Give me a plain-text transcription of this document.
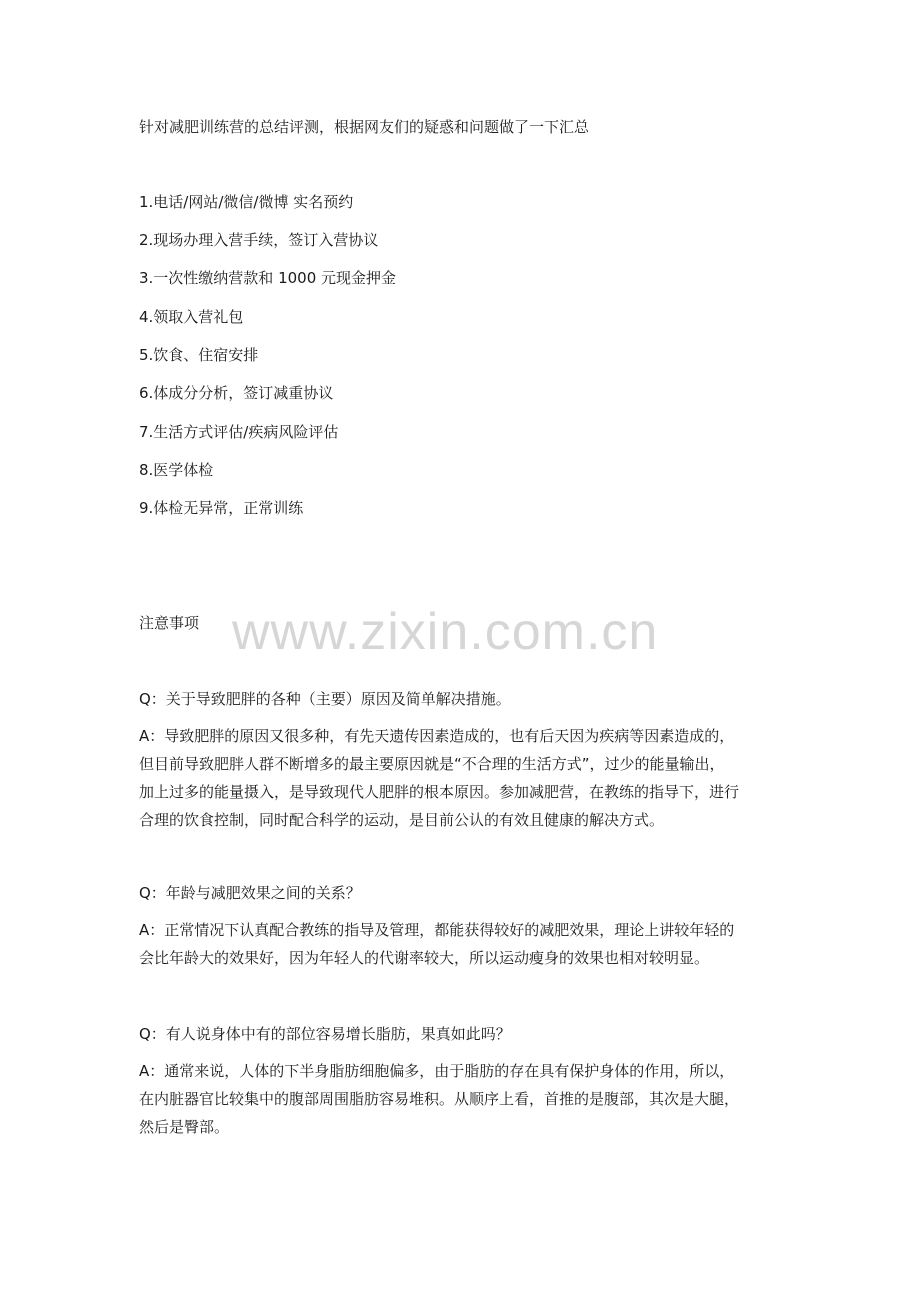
针对减肥训练营的总结评测，根据网友们的疑惑和问题做了一下汇总
1.电话/网站/微信/微博 实名预约
2.现场办理入营手续，签订入营协议
3.一次性缴纳营款和 1000 元现金押金
4.领取入营礼包
5.饮食、住宿安排
6.体成分分析，签订减重协议
7.生活方式评估/疾病风险评估
8.医学体检
9.体检无异常，正常训练
www.zixin.com.cn
注意事项
Q：关于导致肥胖的各种（主要）原因及简单解决措施。
A：导致肥胖的原因又很多种，有先天遗传因素造成的，也有后天因为疾病等因素造成的，
但目前导致肥胖人群不断增多的最主要原因就是“不合理的生活方式”，过少的能量输出，
加上过多的能量摄入，是导致现代人肥胖的根本原因。参加减肥营，在教练的指导下，进行
合理的饮食控制，同时配合科学的运动，是目前公认的有效且健康的解决方式。
Q：年龄与减肥效果之间的关系？
A：正常情况下认真配合教练的指导及管理，都能获得较好的减肥效果，理论上讲较年轻的
会比年龄大的效果好，因为年轻人的代谢率较大，所以运动瘦身的效果也相对较明显。
Q：有人说身体中有的部位容易增长脂肪，果真如此吗？
A：通常来说，人体的下半身脂肪细胞偏多，由于脂肪的存在具有保护身体的作用，所以，
在内脏器官比较集中的腹部周围脂肪容易堆积。从顺序上看，首推的是腹部，其次是大腿，
然后是臀部。
